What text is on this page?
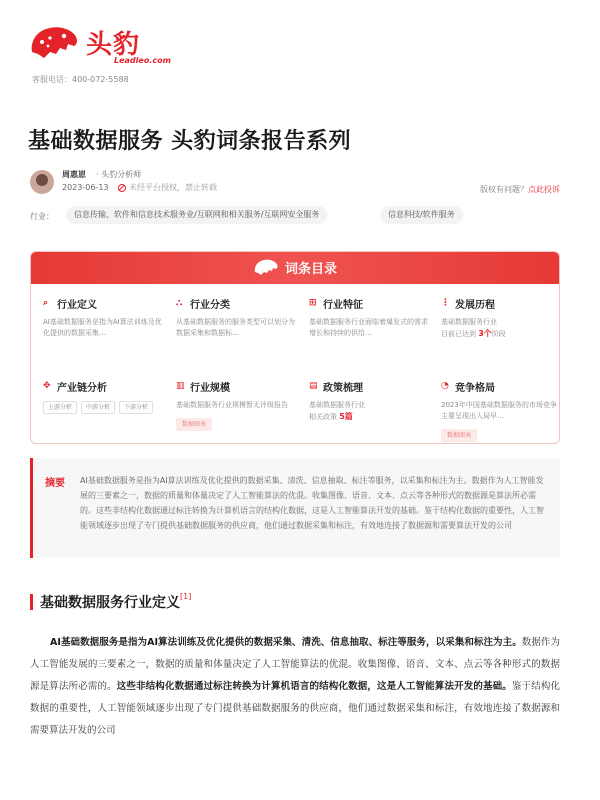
头豹
Leadleo.com
客服电话：400-072-5588
基础数据服务 头豹词条报告系列
周惠崽 · 头豹分析师
2023-06-13	未经平台授权，禁止转载	版权有问题？点此投诉
行业：	信息传输、软件和信息技术服务业/互联网和相关服务/互联网安全服务	信息科技/软件服务
词条目录
⌕ 行业定义
AI基础数据服务是指为AI算法训练及优化提供的数据采集…
⛬ 行业分类
从基础数据服务的服务类型可以划分为数据采集和数据标…
⊞ 行业特征
基础数据服务行业面临着爆发式的需求增长和持续的供给…
⋮ 发展历程
基础数据服务行业
目前已达到 3个阶段
✥ 产业链分析
上游分析	中游分析	下游分析
▥ 行业规模
基础数据服务行业规模暂无评级报告
数据图表
▤ 政策梳理
基础数据服务行业
相关政策 5篇
◔ 竞争格局
2023年中国基础数据服务的市场竞争主要呈现出入局早…
数据图表
摘要 AI基础数据服务是指为AI算法训练及优化提供的数据采集、清洗、信息抽取、标注等服务，以采集和标注为主。数据作为人工智能发展的三要素之一，数据的质量和体量决定了人工智能算法的优混。收集图像、语音、文本、点云等各种形式的数据源是算法所必需的。这些非结构化数据通过标注转换为计算机语言的结构化数据，这是人工智能算法开发的基础。鉴于结构化数据的重要性，人工智能领域逐步出现了专门提供基础数据服务的供应商，他们通过数据采集和标注，有效地连接了数据源和需要算法开发的公司
基础数据服务行业定义[1]
AI基础数据服务是指为AI算法训练及优化提供的数据采集、清洗、信息抽取、标注等服务，以采集和标注为主。数据作为人工智能发展的三要素之一，数据的质量和体量决定了人工智能算法的优混。收集图像、语音、文本、点云等各种形式的数据源是算法所必需的。这些非结构化数据通过标注转换为计算机语言的结构化数据，这是人工智能算法开发的基础。鉴于结构化数据的重要性，人工智能领域逐步出现了专门提供基础数据服务的供应商，他们通过数据采集和标注，有效地连接了数据源和需要算法开发的公司
